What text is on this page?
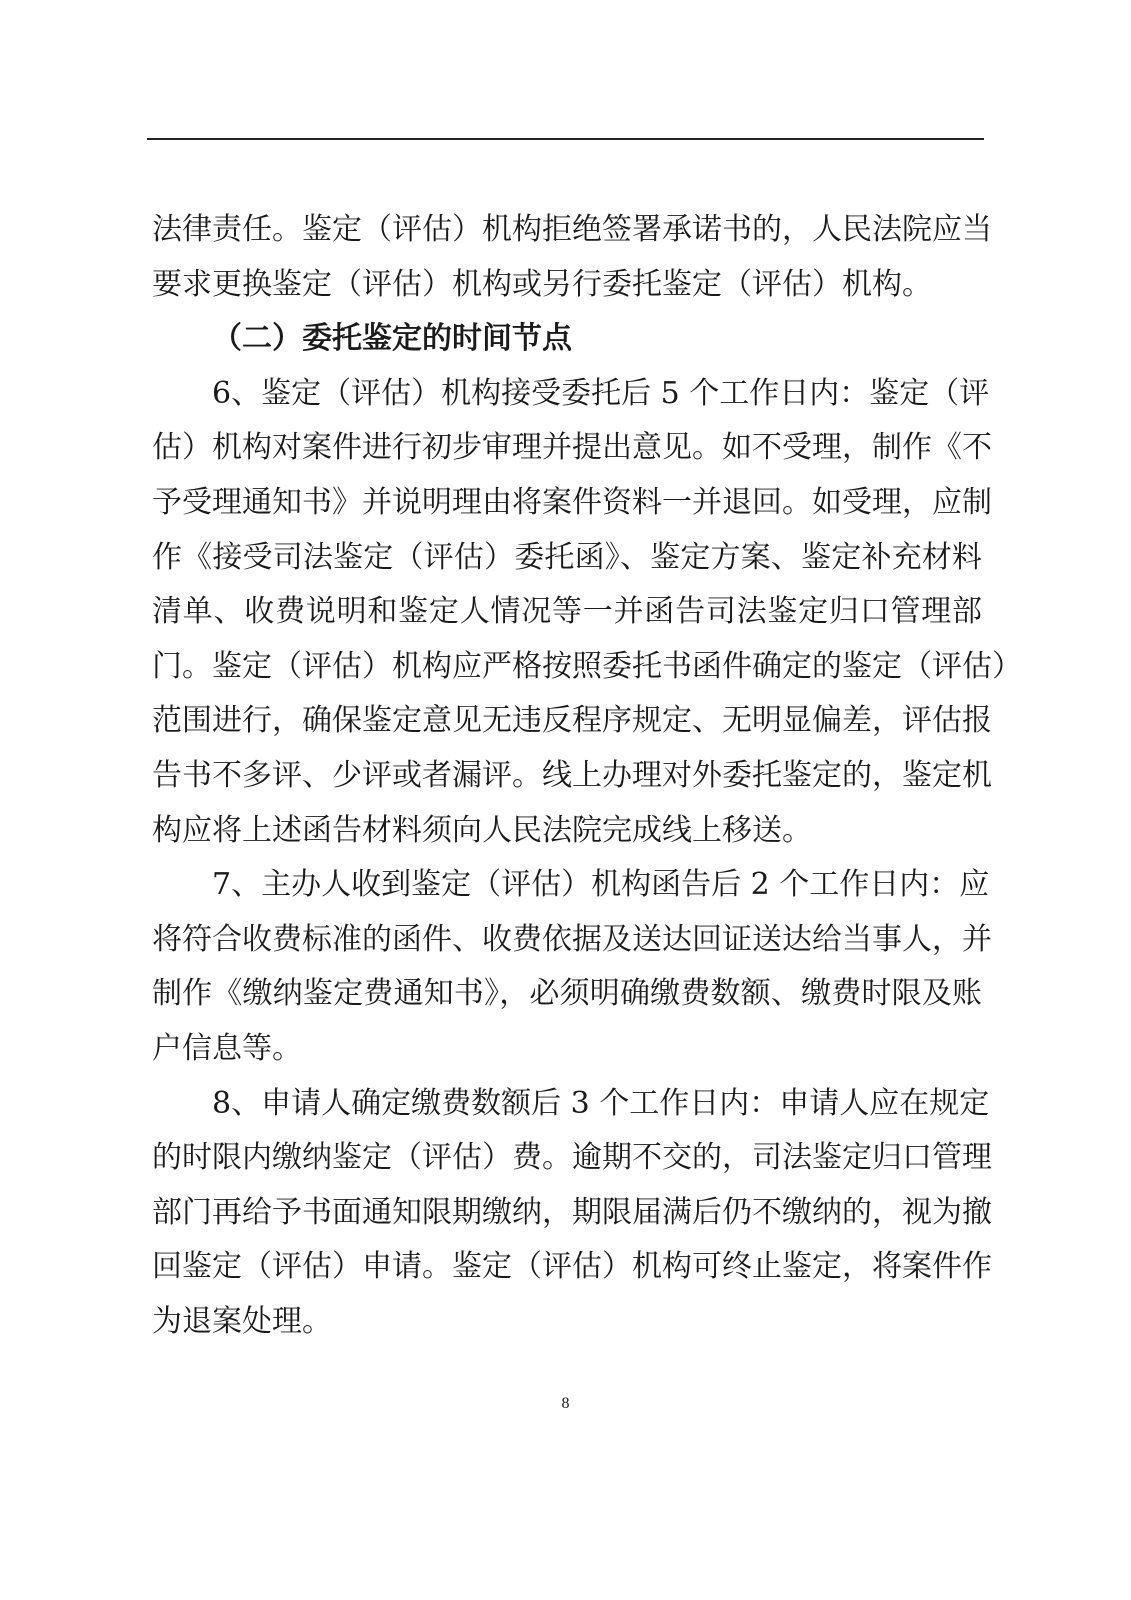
法律责任。鉴定（评估）机构拒绝签署承诺书的，人民法院应当
要求更换鉴定（评估）机构或另行委托鉴定（评估）机构。
（二）委托鉴定的时间节点
6、鉴定（评估）机构接受委托后 5 个工作日内：鉴定（评
估）机构对案件进行初步审理并提出意见。如不受理，制作《不
予受理通知书》并说明理由将案件资料一并退回。如受理，应制
作《接受司法鉴定（评估）委托函》、鉴定方案、鉴定补充材料
清单、收费说明和鉴定人情况等一并函告司法鉴定归口管理部
门。鉴定（评估）机构应严格按照委托书函件确定的鉴定（评估）
范围进行，确保鉴定意见无违反程序规定、无明显偏差，评估报
告书不多评、少评或者漏评。线上办理对外委托鉴定的，鉴定机
构应将上述函告材料须向人民法院完成线上移送。
7、主办人收到鉴定（评估）机构函告后 2 个工作日内：应
将符合收费标准的函件、收费依据及送达回证送达给当事人，并
制作《缴纳鉴定费通知书》，必须明确缴费数额、缴费时限及账
户信息等。
8、申请人确定缴费数额后 3 个工作日内：申请人应在规定
的时限内缴纳鉴定（评估）费。逾期不交的，司法鉴定归口管理
部门再给予书面通知限期缴纳，期限届满后仍不缴纳的，视为撤
回鉴定（评估）申请。鉴定（评估）机构可终止鉴定，将案件作
为退案处理。
8
